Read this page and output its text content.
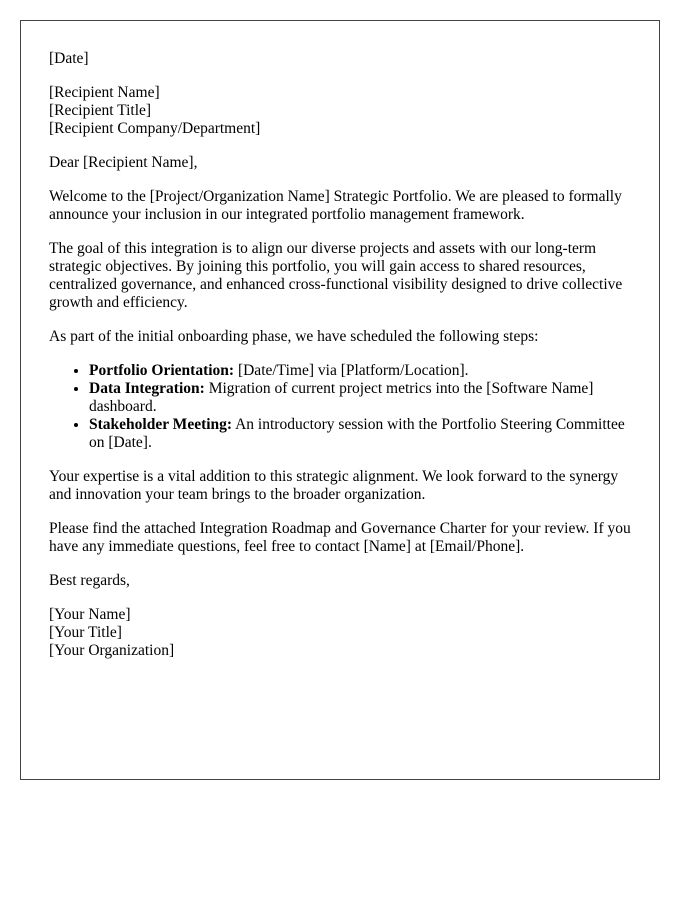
[Date]

[Recipient Name]
[Recipient Title]
[Recipient Company/Department]

Dear [Recipient Name],

Welcome to the [Project/Organization Name] Strategic Portfolio. We are pleased to formally announce your inclusion in our integrated portfolio management framework.

The goal of this integration is to align our diverse projects and assets with our long-term strategic objectives. By joining this portfolio, you will gain access to shared resources, centralized governance, and enhanced cross-functional visibility designed to drive collective growth and efficiency.

As part of the initial onboarding phase, we have scheduled the following steps:

• Portfolio Orientation: [Date/Time] via [Platform/Location].
• Data Integration: Migration of current project metrics into the [Software Name] dashboard.
• Stakeholder Meeting: An introductory session with the Portfolio Steering Committee on [Date].

Your expertise is a vital addition to this strategic alignment. We look forward to the synergy and innovation your team brings to the broader organization.

Please find the attached Integration Roadmap and Governance Charter for your review. If you have any immediate questions, feel free to contact [Name] at [Email/Phone].

Best regards,

[Your Name]
[Your Title]
[Your Organization]
